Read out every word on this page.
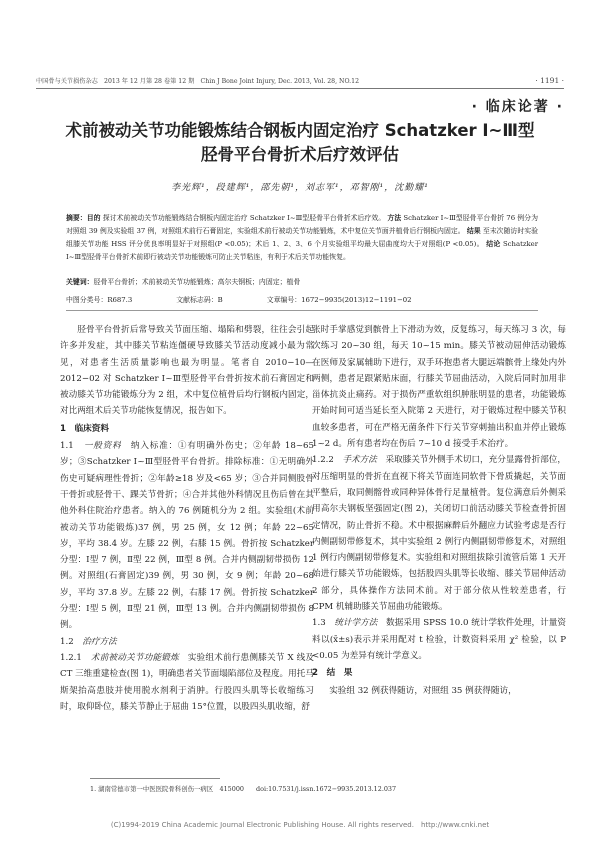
中国骨与关节损伤杂志　2013 年 12 月第 28 卷第 12 期　Chin J Bone Joint Injury, Dec. 2013, Vol. 28, NO.12	· 1191 ·
· 临床论著 ·
术前被动关节功能锻炼结合钢板内固定治疗 Schatzker Ⅰ~Ⅲ型
胫骨平台骨折术后疗效评估
李光辉¹，段建辉¹，邵先朝¹，刘志军¹，邓智刚¹，沈勤耀¹
摘要：目的 探讨术前被动关节功能锻炼结合钢板内固定治疗 Schatzker Ⅰ~Ⅲ型胫骨平台骨折术后疗效。 方法 Schatzker Ⅰ~Ⅲ型胫骨平台骨折 76 例分为对照组 39 例及实验组 37 例，对照组术前行石膏固定，实验组术前行被动关节功能锻炼，术中复位关节面并植骨后行钢板内固定。 结果 至末次随访时实验组膝关节功能 HSS 评分优良率明显好于对照组(P <0.05)；术后 1、2、3、6 个月实验组平均最大屈曲度均大于对照组(P <0.05)。 结论 Schatzker Ⅰ~Ⅲ型胫骨平台骨折术前即行被动关节功能锻炼可防止关节粘连，有利于术后关节功能恢复。
关键词：胫骨平台骨折；术前被动关节功能锻炼；高尔夫钢板；内固定；植骨
中图分类号：R687.3	文献标志码：B	文章编号：1672−9935(2013)12−1191−02

胫骨平台骨折后常导致关节面压缩、塌陷和劈裂，往往会引起许多并发症，其中膝关节粘连僵硬导致膝关节活动度减小最为常见，对患者生活质量影响也最为明显。笔者自 2010−10—2012−02 对 Schatzker Ⅰ~Ⅲ型胫骨平台骨折按术前石膏固定和被动膝关节功能锻炼分为 2 组，术中复位植骨后均行钢板内固定，对比两组术后关节功能恢复情况，报告如下。

1　临床资料

1.1　 一般资料　 纳入标准：①有明确外伤史；②年龄 18~65 岁；③Schatzker Ⅰ~Ⅲ型胫骨平台骨折。排除标准：①无明确外伤史可疑病理性骨折；②年龄≥18 岁及<65 岁；③合并同侧股骨干骨折或胫骨干、踝关节骨折；④合并其他外科情况且伤后曾在其他外科住院治疗患者。纳入的 76 例随机分为 2 组。实验组(术前被动关节功能锻炼)37 例，男 25 例，女 12 例；年龄 22~65 岁，平均 38.4 岁。左膝 22 例，右膝 15 例。骨折按 Schatzker 分型：Ⅰ型 7 例，Ⅱ型 22 例，Ⅲ型 8 例。合并内侧副韧带损伤 12 例。对照组(石膏固定)39 例，男 30 例，女 9 例；年龄 20~68 岁，平均 37.8 岁。左膝 22 例，右膝 17 例。骨折按 Schatzker 分型：Ⅰ型 5 例，Ⅱ型 21 例，Ⅲ型 13 例。合并内侧副韧带损伤 8 例。

1.2　 治疗方法

1.2.1　 术前被动关节功能锻炼　 实验组术前行患侧膝关节 X 线及 CT 三维重建检查(图 1)，明确患者关节面塌陷部位及程度。用托马斯架抬高患肢并使用脱水剂利于消肿。行股四头肌等长收缩练习时，取仰卧位，膝关节静止于屈曲 15°位置，以股四头肌收缩，舒

张时手掌感觉到髌骨上下滑动为效，反复练习，每天练习 3 次，每次练习 20~30 组，每天 10~15 min。膝关节被动屈伸活动锻炼在医师及家属辅助下进行，双手环抱患者大腿远端髌骨上缘处内外两侧，患者足跟紧贴床面，行膝关节屈曲活动，入院后同时加用非甾体抗炎止痛药。对于损伤严重软组织肿胀明显的患者，功能锻炼开始时间可适当延长至入院第 2 天进行，对于锻炼过程中膝关节积血较多患者，可在严格无菌条件下行关节穿刺抽出积血并停止锻炼 1~2 d。所有患者均在伤后 7~10 d 接受手术治疗。

1.2.2　 手术方法　 采取膝关节外侧手术切口，充分显露骨折部位，对压缩明显的骨折在直视下将关节面连同软骨下骨质撬起，关节面平整后，取同侧髂骨或同种异体骨行足量植骨。复位满意后外侧采用高尔夫钢板坚强固定(图 2)，关闭切口前活动膝关节检查骨折固定情况，防止骨折不稳。术中根据麻醉后外翻应力试验考虑是否行内侧副韧带修复术，其中实验组 2 例行内侧副韧带修复术，对照组 1 例行内侧副韧带修复术。实验组和对照组拔除引流管后第 1 天开始进行膝关节功能锻炼，包括股四头肌等长收缩、膝关节屈伸活动 2 部分，具体操作方法同术前。对于部分依从性较差患者，行 CPM 机辅助膝关节屈曲功能锻炼。

1.3　 统计学方法　 数据采用 SPSS 10.0 统计学软件处理，计量资料以(x̄±s)表示并采用配对 t 检验，计数资料采用 χ² 检验，以 P <0.05 为差异有统计学意义。

2　结　果

实验组 32 例获得随访，对照组 35 例获得随访，

1. 湖南常德市第一中医医院骨科创伤一病区　415000 doi:10.7531/j.issn.1672−9935.2013.12.037
(C)1994-2019 China Academic Journal Electronic Publishing House. All rights reserved.　http://www.cnki.net
